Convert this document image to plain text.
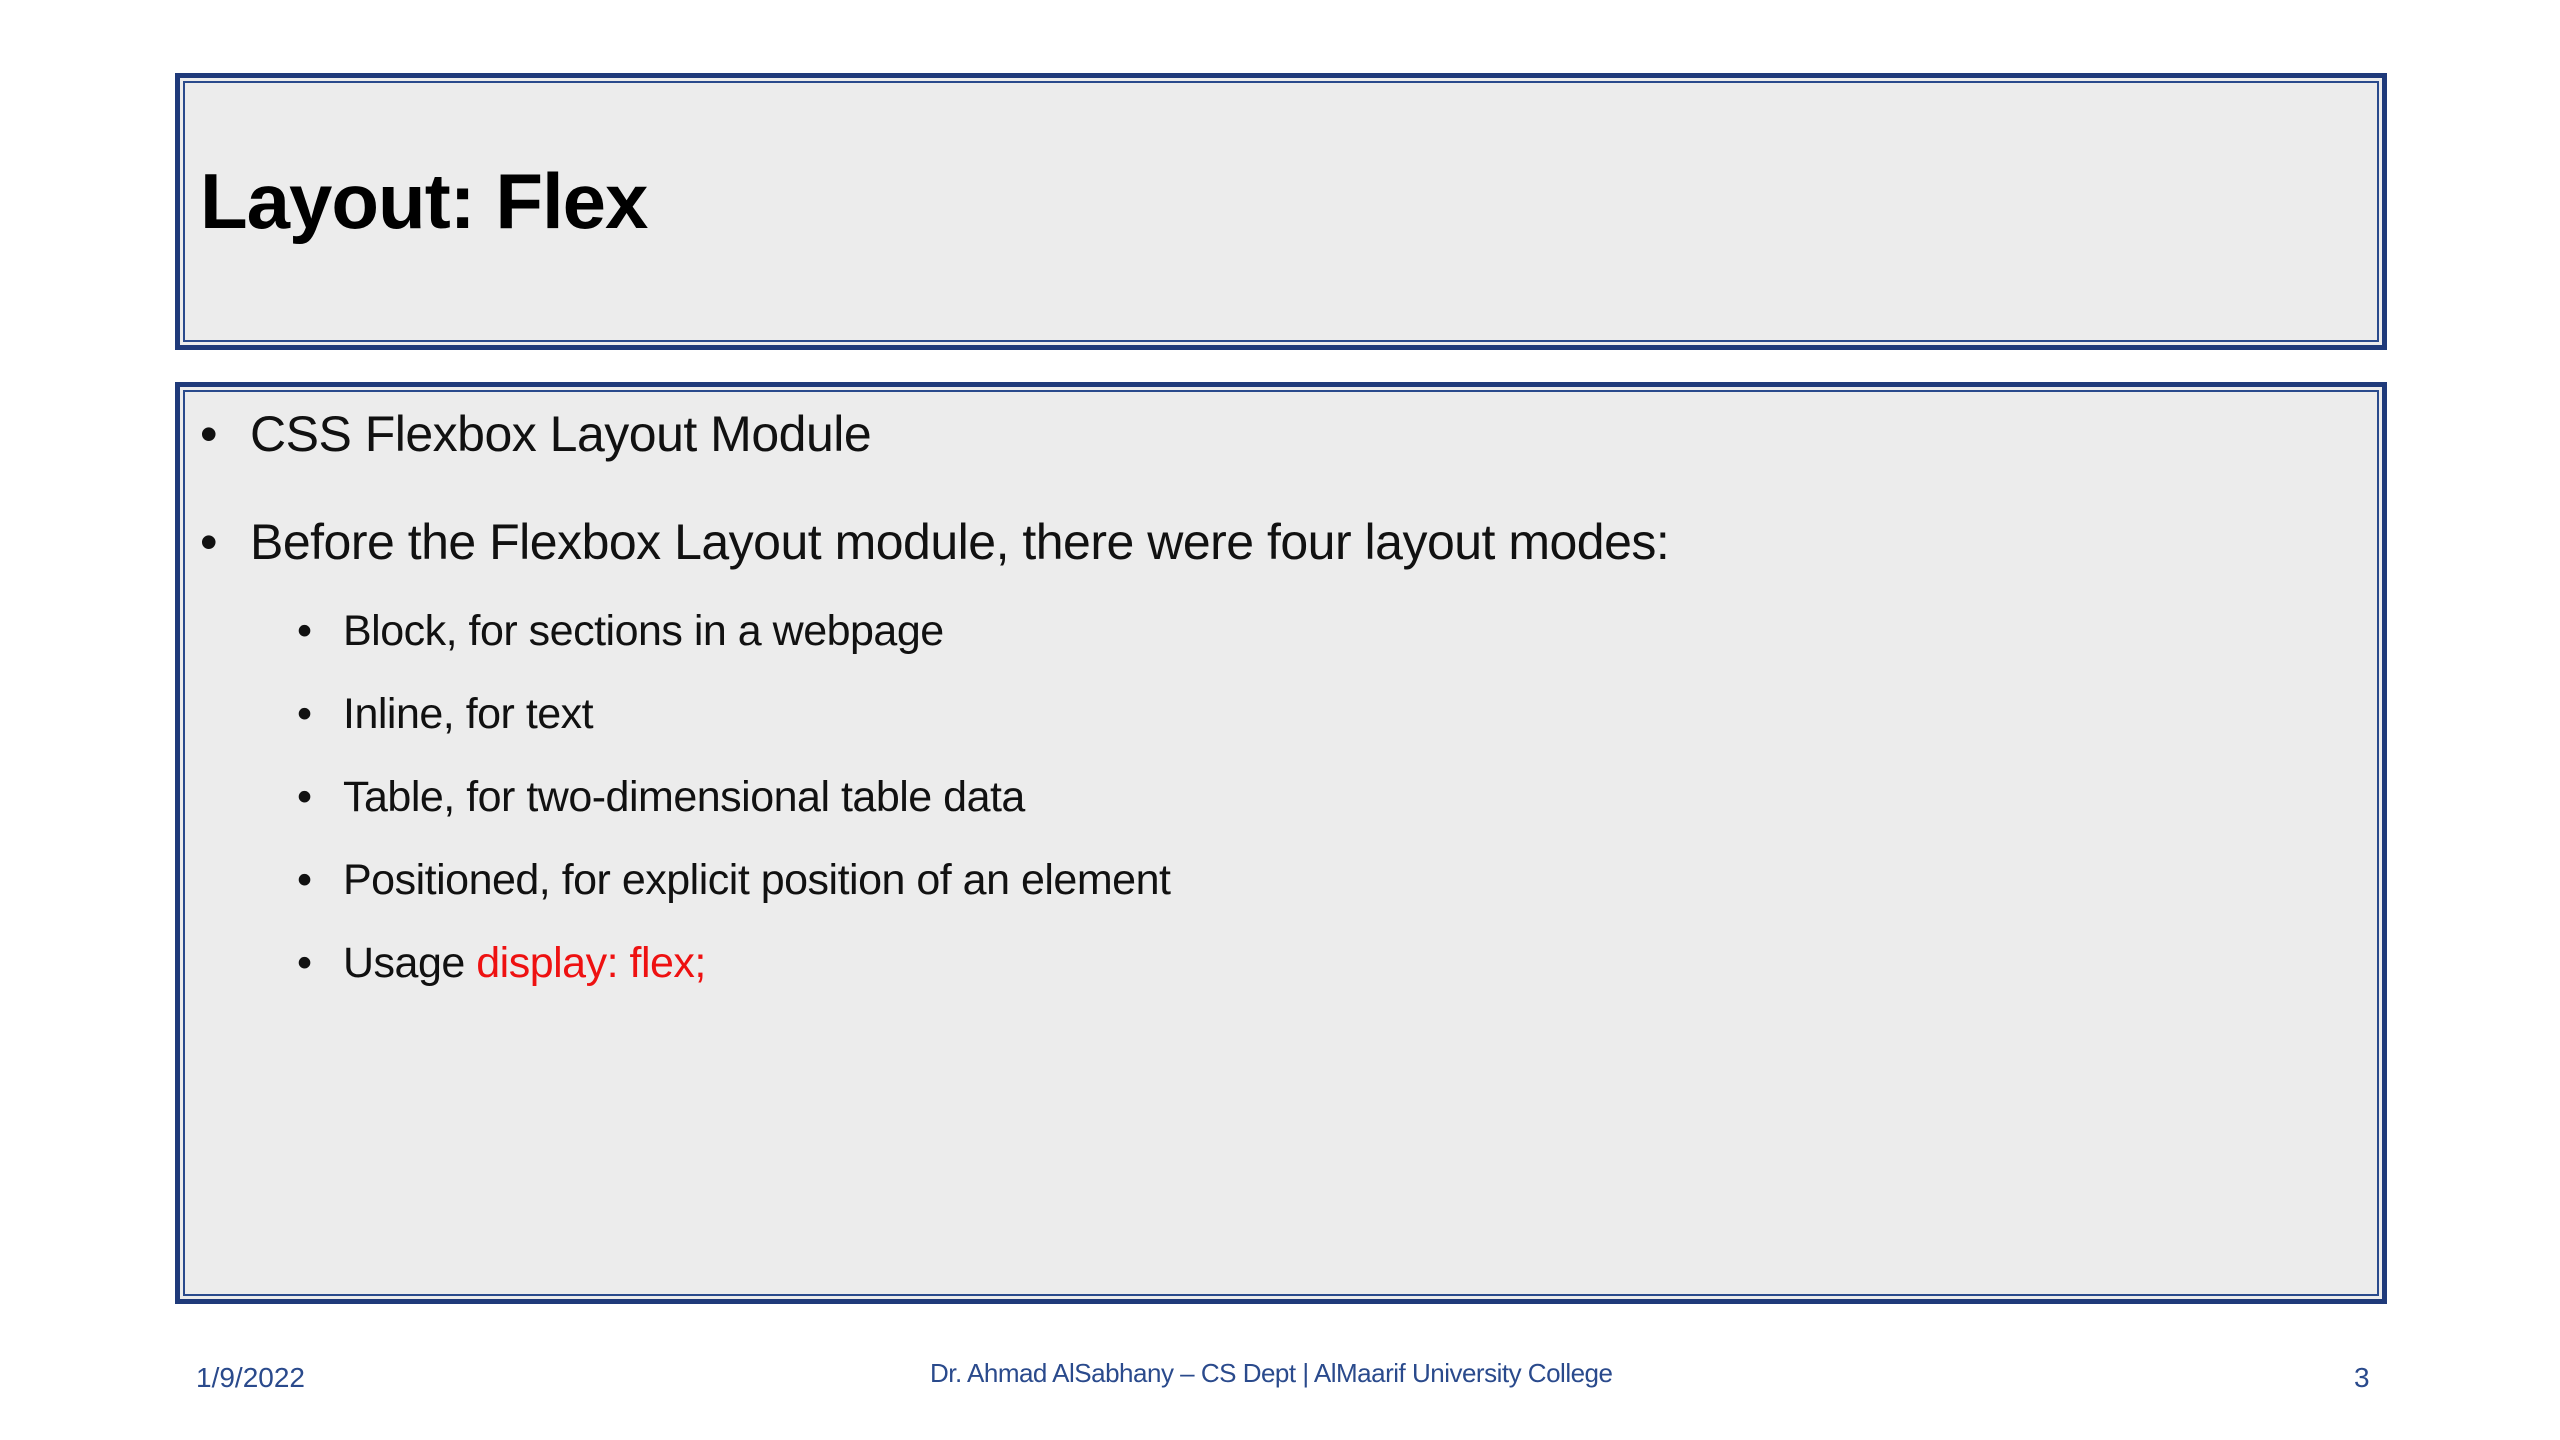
Layout: Flex
• CSS Flexbox Layout Module
• Before the Flexbox Layout module, there were four layout modes:
• Block, for sections in a webpage
• Inline, for text
• Table, for two-dimensional table data
• Positioned, for explicit position of an element
• Usage display: flex;
1/9/2022	Dr. Ahmad AlSabhany – CS Dept | AlMaarif University College	3
